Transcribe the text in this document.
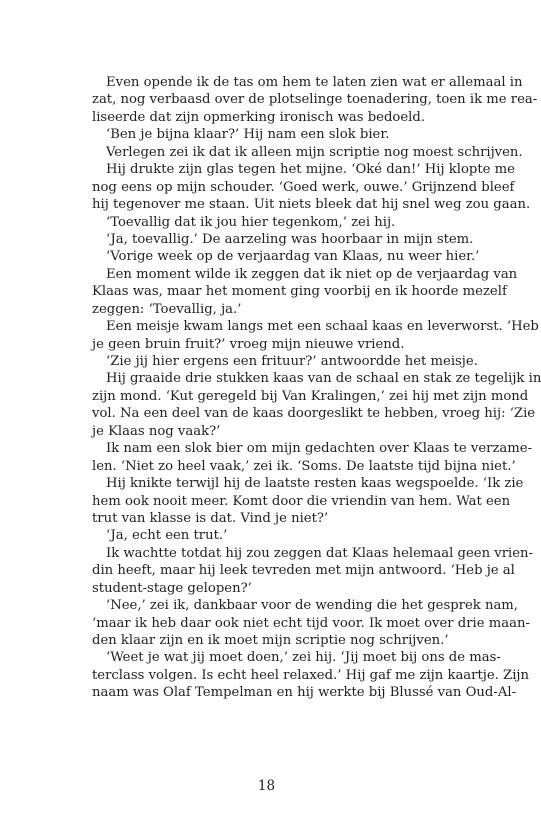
Even opende ik de tas om hem te laten zien wat er allemaal in
zat, nog verbaasd over de plotselinge toenadering, toen ik me rea-
liseerde dat zijn opmerking ironisch was bedoeld.
‘Ben je bijna klaar?’ Hij nam een slok bier.
Verlegen zei ik dat ik alleen mijn scriptie nog moest schrijven.
Hij drukte zijn glas tegen het mijne. ‘Oké dan!’ Hij klopte me
nog eens op mijn schouder. ‘Goed werk, ouwe.’ Grijnzend bleef
hij tegenover me staan. Uit niets bleek dat hij snel weg zou gaan.
‘Toevallig dat ik jou hier tegenkom,’ zei hij.
‘Ja, toevallig.’ De aarzeling was hoorbaar in mijn stem.
‘Vorige week op de verjaardag van Klaas, nu weer hier.’
Een moment wilde ik zeggen dat ik niet op de verjaardag van
Klaas was, maar het moment ging voorbij en ik hoorde mezelf
zeggen: ‘Toevallig, ja.’
Een meisje kwam langs met een schaal kaas en leverworst. ‘Heb
je geen bruin fruit?’ vroeg mijn nieuwe vriend.
‘Zie jij hier ergens een frituur?’ antwoordde het meisje.
Hij graaide drie stukken kaas van de schaal en stak ze tegelijk in
zijn mond. ‘Kut geregeld bij Van Kralingen,’ zei hij met zijn mond
vol. Na een deel van de kaas doorgeslikt te hebben, vroeg hij: ‘Zie
je Klaas nog vaak?’
Ik nam een slok bier om mijn gedachten over Klaas te verzame-
len. ‘Niet zo heel vaak,’ zei ik. ‘Soms. De laatste tijd bijna niet.’
Hij knikte terwijl hij de laatste resten kaas wegspoelde. ‘Ik zie
hem ook nooit meer. Komt door die vriendin van hem. Wat een
trut van klasse is dat. Vind je niet?’
‘Ja, echt een trut.’
Ik wachtte totdat hij zou zeggen dat Klaas helemaal geen vrien-
din heeft, maar hij leek tevreden met mijn antwoord. ‘Heb je al
student-stage gelopen?’
‘Nee,’ zei ik, dankbaar voor de wending die het gesprek nam,
‘maar ik heb daar ook niet echt tijd voor. Ik moet over drie maan-
den klaar zijn en ik moet mijn scriptie nog schrijven.’
‘Weet je wat jij moet doen,’ zei hij. ‘Jij moet bij ons de mas-
terclass volgen. Is echt heel relaxed.’ Hij gaf me zijn kaartje. Zijn
naam was Olaf Tempelman en hij werkte bij Blussé van Oud-Al-
18
